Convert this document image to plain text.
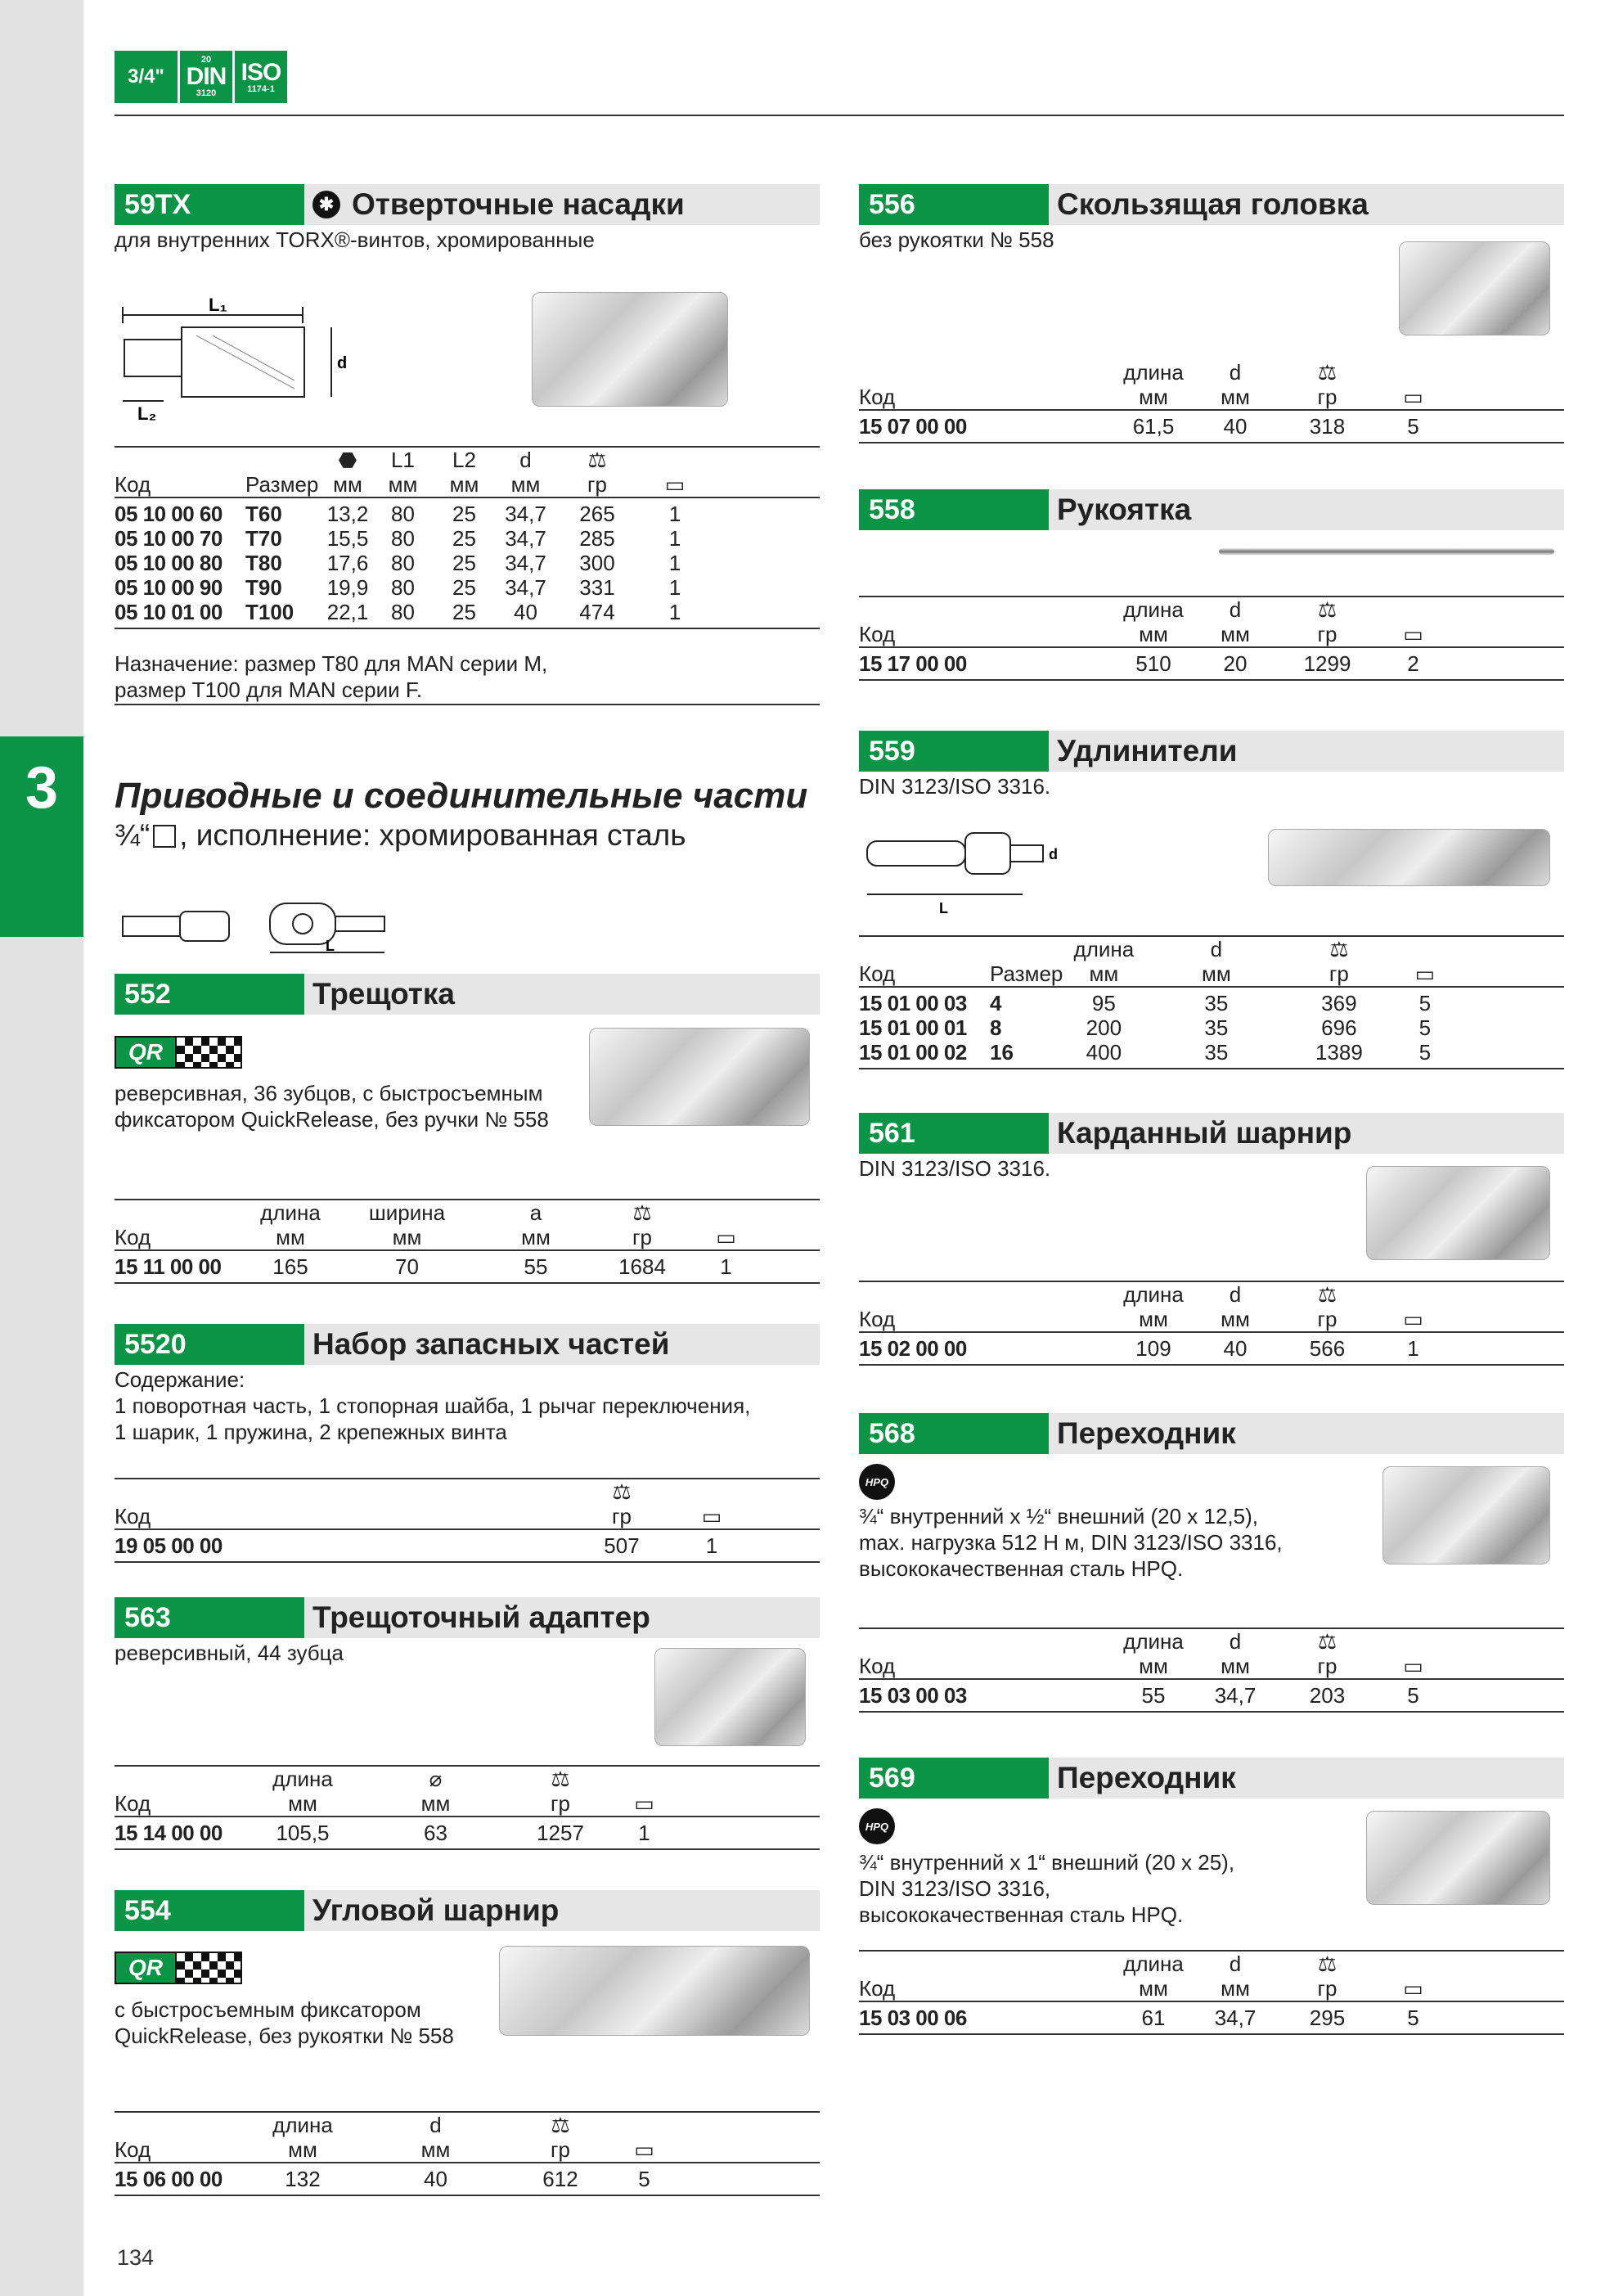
3
3/4"
20
DIN
3120
ISO
1174-1
59TX	✱ Отверточные насадки
для внутренних TORX®-винтов, хромированные
L₁
L₂
d
		⬣	L1	L2	d	⚖		
Код	Размер	мм	мм	мм	мм	гр	▭	
05 10 00 60	T60	13,2	80	25	34,7	265	1	
05 10 00 70	T70	15,5	80	25	34,7	285	1	
05 10 00 80	T80	17,6	80	25	34,7	300	1	
05 10 00 90	T90	19,9	80	25	34,7	331	1	
05 10 01 00	T100	22,1	80	25	40	474	1	
Назначение: размер T80 для MAN серии M,
размер T100 для MAN серии F.
552	Трещотка
QR
реверсивная, 36 зубцов, с быстросъемным
фиксатором QuickRelease, без ручки № 558
	длина	ширина	a	⚖		
Код	мм	мм	мм	гр	▭	
15 11 00 00	165	70	55	1684	1	
5520	Набор запасных частей
Содержание:
1 поворотная часть, 1 стопорная шайба, 1 рычаг переключения,
1 шарик, 1 пружина, 2 крепежных винта
		⚖		
Код		гр	▭	
19 05 00 00		507	1	
563	Трещоточный адаптер
реверсивный, 44 зубца
	длина	⌀	⚖		
Код	мм	мм	гр	▭	
15 14 00 00	105,5	63	1257	1	
554	Угловой шарнир
QR
с быстросъемным фиксатором
QuickRelease, без рукоятки № 558
	длина	d	⚖		
Код	мм	мм	гр	▭	
15 06 00 00	132	40	612	5	
Приводные и соединительные части
¾“ , исполнение: хромированная сталь
L
556	Скользящая головка
без рукоятки № 558
		длина	d	⚖		
Код		мм	мм	гр	▭	
15 07 00 00		61,5	40	318	5	
558	Рукоятка
		длина	d	⚖		
Код		мм	мм	гр	▭	
15 17 00 00		510	20	1299	2	
559	Удлинители
DIN 3123/ISO 3316.
L
d
		длина	d	⚖		
Код	Размер	мм	мм	гр	▭	
15 01 00 03	4	95	35	369	5	
15 01 00 01	8	200	35	696	5	
15 01 00 02	16	400	35	1389	5	
561	Карданный шарнир
DIN 3123/ISO 3316.
		длина	d	⚖		
Код		мм	мм	гр	▭	
15 02 00 00		109	40	566	1	
568	Переходник
HPQ
¾“ внутренний х ½“ внешний (20 x 12,5),
max. нагрузка 512 Н м, DIN 3123/ISO 3316,
высококачественная сталь HPQ.
		длина	d	⚖		
Код		мм	мм	гр	▭	
15 03 00 03		55	34,7	203	5	
569	Переходник
HPQ
¾“ внутренний х 1“ внешний (20 x 25),
DIN 3123/ISO 3316,
высококачественная сталь HPQ.
		длина	d	⚖		
Код		мм	мм	гр	▭	
15 03 00 06		61	34,7	295	5	
134
